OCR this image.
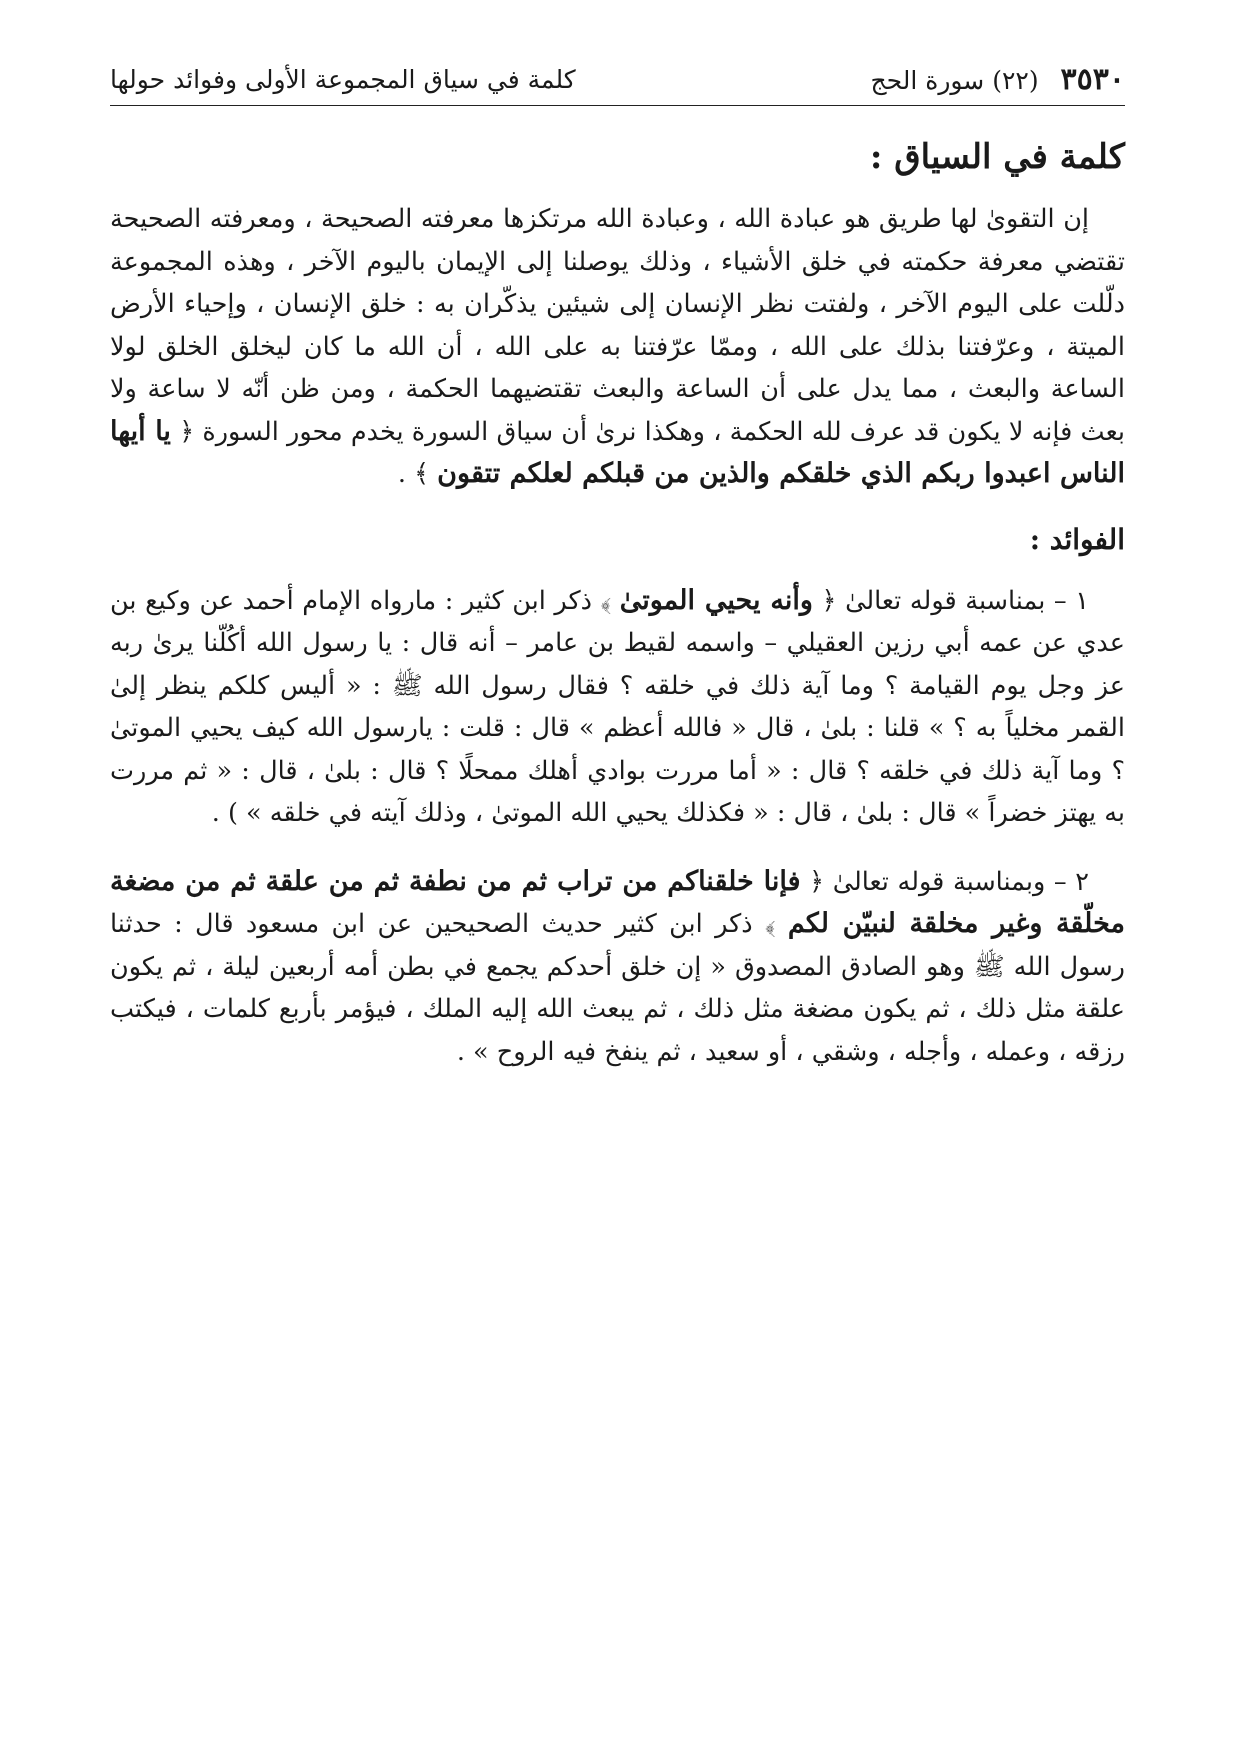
٣٥٣٠ (٢٢) سورة الحج
كلمة في سياق المجموعة الأولى وفوائد حولها
كلمة في السياق :

إن التقوىٰ لها طريق هو عبادة الله ، وعبادة الله مرتكزها معرفته الصحيحة ، ومعرفته الصحيحة تقتضي معرفة حكمته في خلق الأشياء ، وذلك يوصلنا إلى الإيمان باليوم الآخر ، وهذه المجموعة دلّلت على اليوم الآخر ، ولفتت نظر الإنسان إلى شيئين يذكّران به : خلق الإنسان ، وإحياء الأرض الميتة ، وعرّفتنا بذلك على الله ، وممّا عرّفتنا به على الله ، أن الله ما كان ليخلق الخلق لولا الساعة والبعث ، مما يدل على أن الساعة والبعث تقتضيهما الحكمة ، ومن ظن أنّه لا ساعة ولا بعث فإنه لا يكون قد عرف لله الحكمة ، وهكذا نرىٰ أن سياق السورة يخدم محور السورة ﴿ يا أيها الناس اعبدوا ربكم الذي خلقكم والذين من قبلكم لعلكم تتقون ﴾ .

الفوائد :

١ – بمناسبة قوله تعالىٰ ﴿ وأنه يحيي الموتىٰ ﴾ ذكر ابن كثير : مارواه الإمام أحمد عن وكيع بن عدي عن عمه أبي رزين العقيلي – واسمه لقيط بن عامر – أنه قال : يا رسول الله أكُلّنا يرىٰ ربه عز وجل يوم القيامة ؟ وما آية ذلك في خلقه ؟ فقال رسول الله ﷺ : « أليس كلكم ينظر إلىٰ القمر مخلياً به ؟ » قلنا : بلىٰ ، قال « فالله أعظم » قال : قلت : يارسول الله كيف يحيي الموتىٰ ؟ وما آية ذلك في خلقه ؟ قال : « أما مررت بوادي أهلك ممحلًا ؟ قال : بلىٰ ، قال : « ثم مررت به يهتز خضراً » قال : بلىٰ ، قال : « فكذلك يحيي الله الموتىٰ ، وذلك آيته في خلقه » ) .

٢ – وبمناسبة قوله تعالىٰ ﴿ فإنا خلقناكم من تراب ثم من نطفة ثم من علقة ثم من مضغة مخلّقة وغير مخلقة لنبيّن لكم ﴾ ذكر ابن كثير حديث الصحيحين عن ابن مسعود قال : حدثنا رسول الله ﷺ وهو الصادق المصدوق « إن خلق أحدكم يجمع في بطن أمه أربعين ليلة ، ثم يكون علقة مثل ذلك ، ثم يكون مضغة مثل ذلك ، ثم يبعث الله إليه الملك ، فيؤمر بأربع كلمات ، فيكتب رزقه ، وعمله ، وأجله ، وشقي ، أو سعيد ، ثم ينفخ فيه الروح » .
